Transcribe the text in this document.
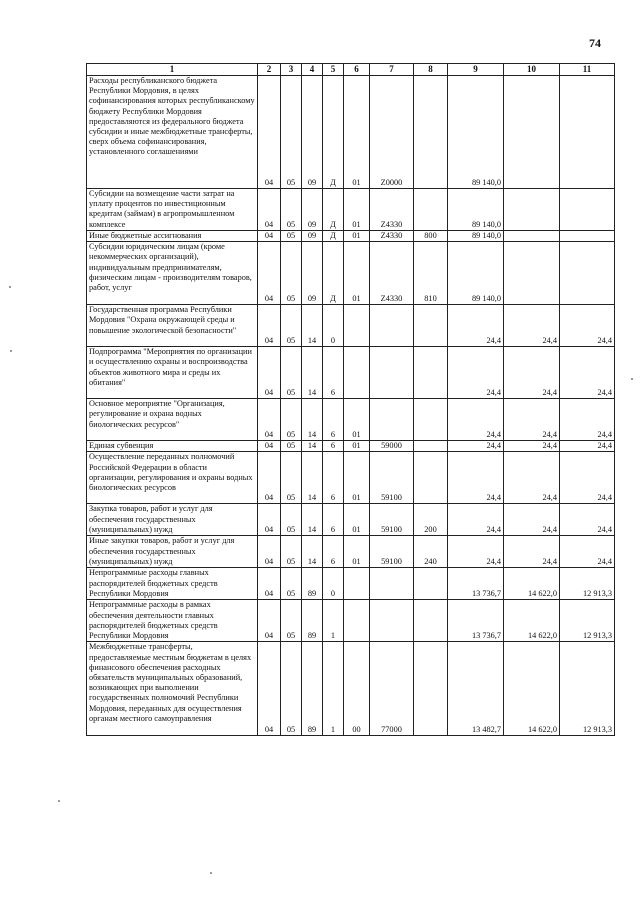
74
1	2	3	4	5	6	7	8	9	10	11
Расходы республиканского бюджета Республики Мордовия, в целях софинансирования которых республиканскому бюджету Республики Мордовия предоставляются из федерального бюджета субсидии и иные межбюджетные трансферты, сверх объема софинансирования, установленного соглашениями	04	05	09	Д	01	Z0000		89 140,0		
Субсидии на возмещение части затрат на уплату процентов по инвестиционным кредитам (займам) в агропромышленном комплексе	04	05	09	Д	01	Z4330		89 140,0		
Иные бюджетные ассигнования	04	05	09	Д	01	Z4330	800	89 140,0		
Субсидии юридическим лицам (кроме некоммерческих организаций), индивидуальным предпринимателям, физическим лицам - производителям товаров, работ, услуг	04	05	09	Д	01	Z4330	810	89 140,0		
Государственная программа Республики Мордовия "Охрана окружающей среды и повышение экологической безопасности"	04	05	14	0				24,4	24,4	24,4
Подпрограмма "Мероприятия по организации и осуществлению охраны и воспроизводства объектов животного мира и среды их обитания"	04	05	14	6				24,4	24,4	24,4
Основное мероприятие "Организация, регулирование и охрана водных биологических ресурсов"	04	05	14	6	01			24,4	24,4	24,4
Единая субвенция	04	05	14	6	01	59000		24,4	24,4	24,4
Осуществление переданных полномочий Российской Федерации в области организации, регулирования и охраны водных биологических ресурсов	04	05	14	6	01	59100		24,4	24,4	24,4
Закупка товаров, работ и услуг для обеспечения государственных (муниципальных) нужд	04	05	14	6	01	59100	200	24,4	24,4	24,4
Иные закупки товаров, работ и услуг для обеспечения государственных (муниципальных) нужд	04	05	14	6	01	59100	240	24,4	24,4	24,4
Непрограммные расходы главных распорядителей бюджетных средств Республики Мордовия	04	05	89	0				13 736,7	14 622,0	12 913,3
Непрограммные расходы в рамках обеспечения деятельности главных распорядителей бюджетных средств Республики Мордовия	04	05	89	1				13 736,7	14 622,0	12 913,3
Межбюджетные трансферты, предоставляемые местным бюджетам в целях финансового обеспечения расходных обязательств муниципальных образований, возникающих при выполнении государственных полномочий Республики Мордовия, переданных для осуществления органам местного самоуправления	04	05	89	1	00	77000		13 482,7	14 622,0	12 913,3
